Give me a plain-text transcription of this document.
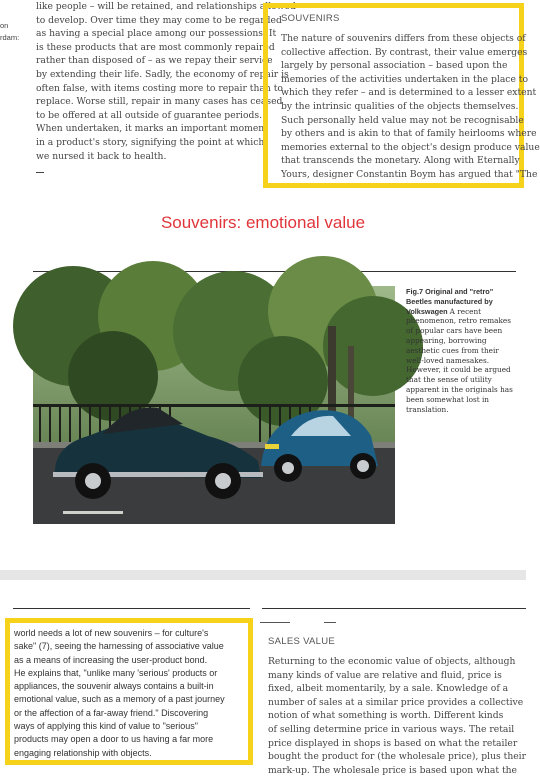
on
rdam:
like people – will be retained, and relationships allowed
to develop. Over time they may come to be regarded
as having a special place among our possessions. It
is these products that are most commonly repaired
rather than disposed of – as we repay their service
by extending their life. Sadly, the economy of repair is
often false, with items costing more to repair than to
replace. Worse still, repair in many cases has ceased
to be offered at all outside of guarantee periods.
When undertaken, it marks an important moment
in a product's story, signifying the point at which
we nursed it back to health.
SOUVENIRS
The nature of souvenirs differs from these objects of
collective affection. By contrast, their value emerges
largely by personal association – based upon the
memories of the activities undertaken in the place to
which they refer – and is determined to a lesser extent
by the intrinsic qualities of the objects themselves.
Such personally held value may not be recognisable
by others and is akin to that of family heirlooms where
memories external to the object's design produce value
that transcends the monetary. Along with Eternally
Yours, designer Constantin Boym has argued that "The
Souvenirs: emotional value
Fig.7 Original and "retro" Beetles manufactured by Volkswagen A recent phenomenon, retro remakes of popular cars have been appearing, borrowing aesthetic cues from their well-loved namesakes. However, it could be argued that the sense of utility apparent in the originals has been somewhat lost in translation.
world needs a lot of new souvenirs – for culture's
sake" (7), seeing the harnessing of associative value
as a means of increasing the user-product bond.
He explains that, "unlike many 'serious' products or
appliances, the souvenir always contains a built-in
emotional value, such as a memory of a past journey
or the affection of a far-away friend." Discovering
ways of applying this kind of value to "serious"
products may open a door to us having a far more
engaging relationship with objects.
SALES VALUE
Returning to the economic value of objects, although
many kinds of value are relative and fluid, price is
fixed, albeit momentarily, by a sale. Knowledge of a
number of sales at a similar price provides a collective
notion of what something is worth. Different kinds
of selling determine price in various ways. The retail
price displayed in shops is based on what the retailer
bought the product for (the wholesale price), plus their
mark-up. The wholesale price is based upon what the
